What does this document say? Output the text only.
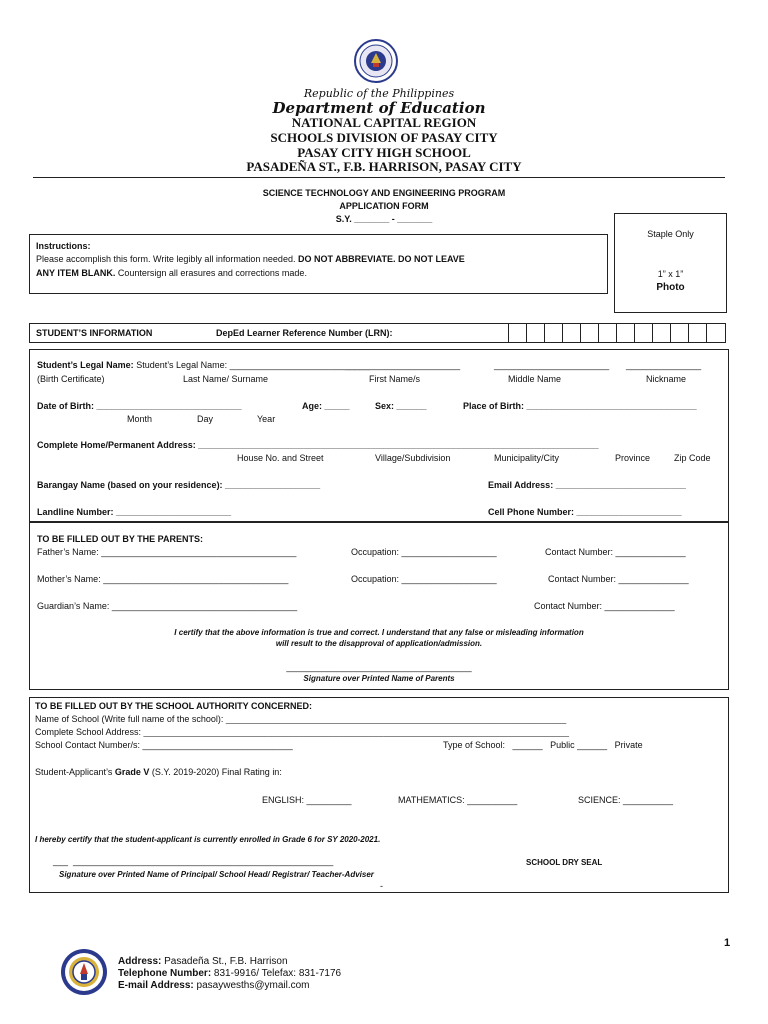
Republic of the Philippines
Department of Education
NATIONAL CAPITAL REGION
SCHOOLS DIVISION OF PASAY CITY
PASAY CITY HIGH SCHOOL
PASADEÑA ST., F.B. HARRISON, PASAY CITY
SCIENCE TECHNOLOGY AND ENGINEERING PROGRAM
APPLICATION FORM
S.Y. _______ - _______
Staple Only
1” x 1”
Photo
Instructions:
Please accomplish this form. Write legibly all information needed. DO NOT ABBREVIATE. DO NOT LEAVE
ANY ITEM BLANK. Countersign all erasures and corrections made.
STUDENT’S INFORMATION	DepEd Learner Reference Number (LRN):
Student’s Legal Name: Student’s Legal Name: ____________________________
_______________________	_______________________ _______________
(Birth Certificate)	Last Name/ Surname	First Name/s	Middle Name	Nickname
Date of Birth: _____________________________	Age: _____	Sex: ______	Place of Birth: __________________________________
Month	Day	Year
Complete Home/Permanent Address: ________________________________________________________________________________
House No. and Street	Village/Subdivision	Municipality/City	Province	Zip Code
Barangay Name (based on your residence): ___________________	Email Address: __________________________
Landline Number: _______________________	Cell Phone Number: _____________________
TO BE FILLED OUT BY THE PARENTS:
Father’s Name: _______________________________________	Occupation: ___________________	Contact Number: ______________
Mother’s Name: _____________________________________	Occupation: ___________________	Contact Number: ______________
Guardian’s Name: _____________________________________	Contact Number: ______________
I certify that the above information is true and correct. I understand that any false or misleading information
will result to the disapproval of application/admission.
_____________________________________
Signature over Printed Name of Parents
TO BE FILLED OUT BY THE SCHOOL AUTHORITY CONCERNED:
Name of School (Write full name of the school): ____________________________________________________________________
Complete School Address: _____________________________________________________________________________________
School Contact Number/s: ______________________________	Type of School:   ______   Public ______   Private
Student-Applicant’s Grade V (S.Y. 2019-2020) Final Rating in:
ENGLISH: _________	MATHEMATICS: __________	SCIENCE: __________
I hereby certify that the student-applicant is currently enrolled in Grade 6 for SY 2020-2021.
___  ____________________________________________________	SCHOOL DRY SEAL
Signature over Printed Name of Principal/ School Head/ Registrar/ Teacher-Adviser
-
1
Address: Pasadeña St., F.B. Harrison
Telephone Number: 831-9916/ Telefax: 831-7176
E-mail Address: pasaywesths@ymail.com
